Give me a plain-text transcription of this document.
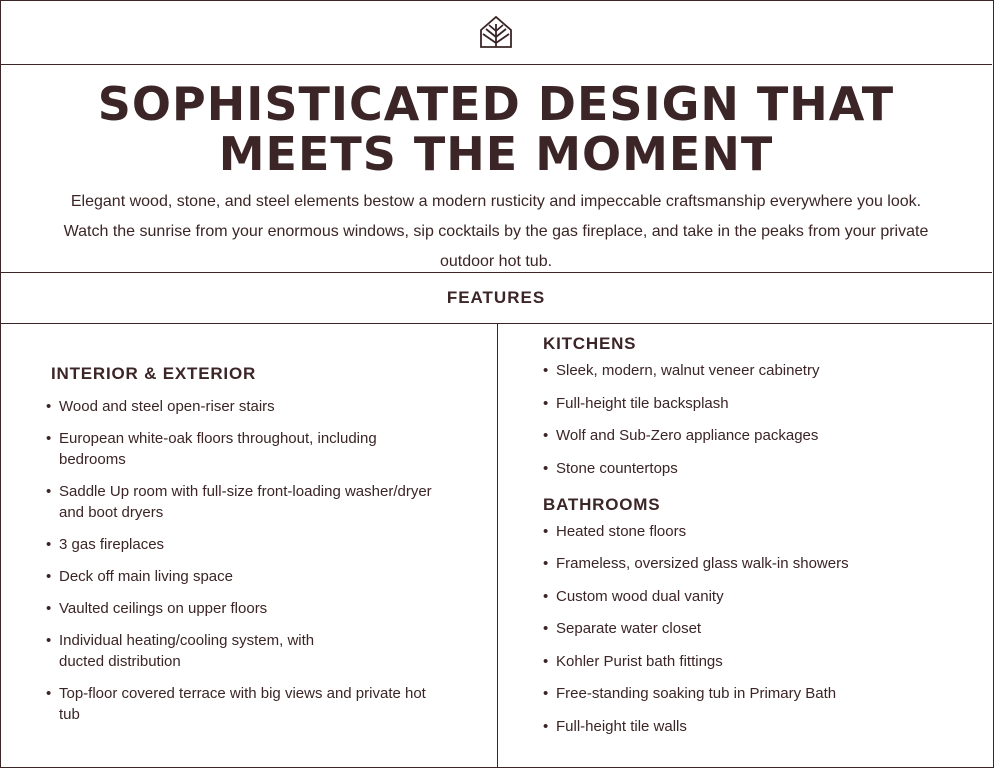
SOPHISTICATED DESIGN THAT
MEETS THE MOMENT

Elegant wood, stone, and steel elements bestow a modern rusticity and impeccable craftsmanship everywhere you look. Watch the sunrise from your enormous windows, sip cocktails by the gas fireplace, and take in the peaks from your private outdoor hot tub.

FEATURES
INTERIOR & EXTERIOR
• Wood and steel open-riser stairs
• European white-oak floors throughout, including bedrooms
• Saddle Up room with full-size front-loading washer/dryer and boot dryers
• 3 gas fireplaces
• Deck off main living space
• Vaulted ceilings on upper floors
• Individual heating/cooling system, with ducted distribution
• Top-floor covered terrace with big views and private hot tub
KITCHENS
• Sleek, modern, walnut veneer cabinetry
• Full-height tile backsplash
• Wolf and Sub-Zero appliance packages
• Stone countertops
BATHROOMS
• Heated stone floors
• Frameless, oversized glass walk-in showers
• Custom wood dual vanity
• Separate water closet
• Kohler Purist bath fittings
• Free-standing soaking tub in Primary Bath
• Full-height tile walls
